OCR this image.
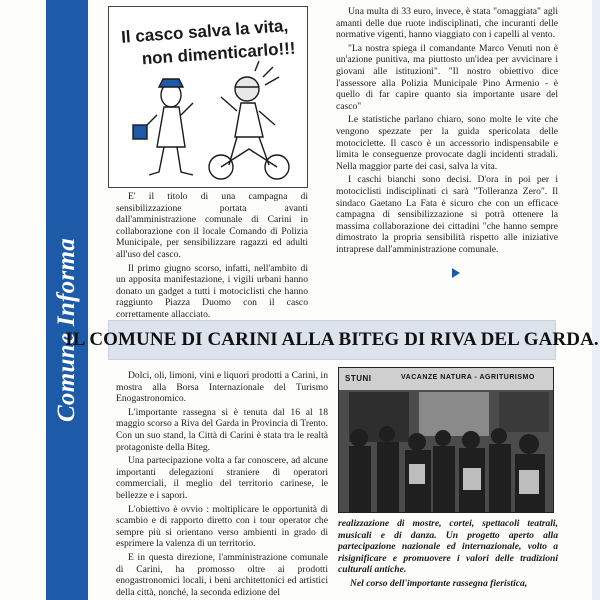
Comune Informa
Il casco salva la vita,
non dimenticarlo!!!

E' il titolo di una campagna di sensibilizzazione portata avanti dall'amministrazione comunale di Carini in collaborazione con il locale Comando di Polizia Municipale, per sensibilizzare ragazzi ed adulti all'uso del casco.

Il primo giugno scorso, infatti, nell'ambito di un apposita manifestazione, i vigili urbani hanno donato un gadget a tutti i motociclisti che hanno raggiunto Piazza Duomo con il casco correttamente allacciato.

Una multa di 33 euro, invece, è stata "omaggiata" agli amanti delle due ruote indisciplinati, che incuranti delle normative vigenti, hanno viaggiato con i capelli al vento.

"La nostra spiega il comandante Marco Venuti non è un'azione punitiva, ma piuttosto un'idea per avvicinare i giovani alle istituzioni". "Il nostro obiettivo dice l'assessore alla Polizia Municipale Pino Armenio - è quello di far capire quanto sia importante usare del casco"

Le statistiche parlano chiaro, sono molte le vite che vengono spezzate per la guida spericolata delle motociclette. Il casco è un accessorio indispensabile e limita le conseguenze provocate dagli incidenti stradali. Nella maggior parte dei casi, salva la vita.

I caschi bianchi sono decisi. D'ora in poi per i motociclisti indisciplinati ci sarà "Tolleranza Zero". Il sindaco Gaetano La Fata è sicuro che con un efficace campagna di sensibilizzazione si potrà ottenere la massima collaborazione dei cittadini "che hanno sempre dimostrato la propria sensibilità rispetto alle iniziative intraprese dall'amministrazione comunale.

IL COMUNE DI CARINI ALLA BITEG DI RIVA DEL GARDA.

Dolci, oli, limoni, vini e liquori prodotti a Carini, in mostra alla Borsa Internazionale del Turismo Enogastronomico.

L'importante rassegna si è tenuta dal 16 al 18 maggio scorso a Riva del Garda in Provincia di Trento. Con un suo stand, la Città di Carini è stata tra le realtà protagoniste della Biteg.

Una partecipazione volta a far conoscere, ad alcune importanti delegazioni straniere di operatori commerciali, il meglio del territorio carinese, le bellezze e i sapori.

L'obiettivo è ovvio : moltiplicare le opportunità di scambio e di rapporto diretto con i tour operator che sempre più si orientano verso ambienti in grado di esprimere la valenza di un territorio.

E in questa direzione, l'amministrazione comunale di Carini, ha promosso oltre ai prodotti enogastronomici locali, i beni architettonici ed artistici della città, nonché, la seconda edizione del

STUNI	VACANZE NATURA - AGRITURISMO

realizzazione di mostre, cortei, spettacoli teatrali, musicali e di danza. Un progetto aperto alla partecipazione nazionale ed internazionale, volto a risignificare e promuovere i valori delle tradizioni culturali antiche.

Nel corso dell'importante rassegna fieristica,
